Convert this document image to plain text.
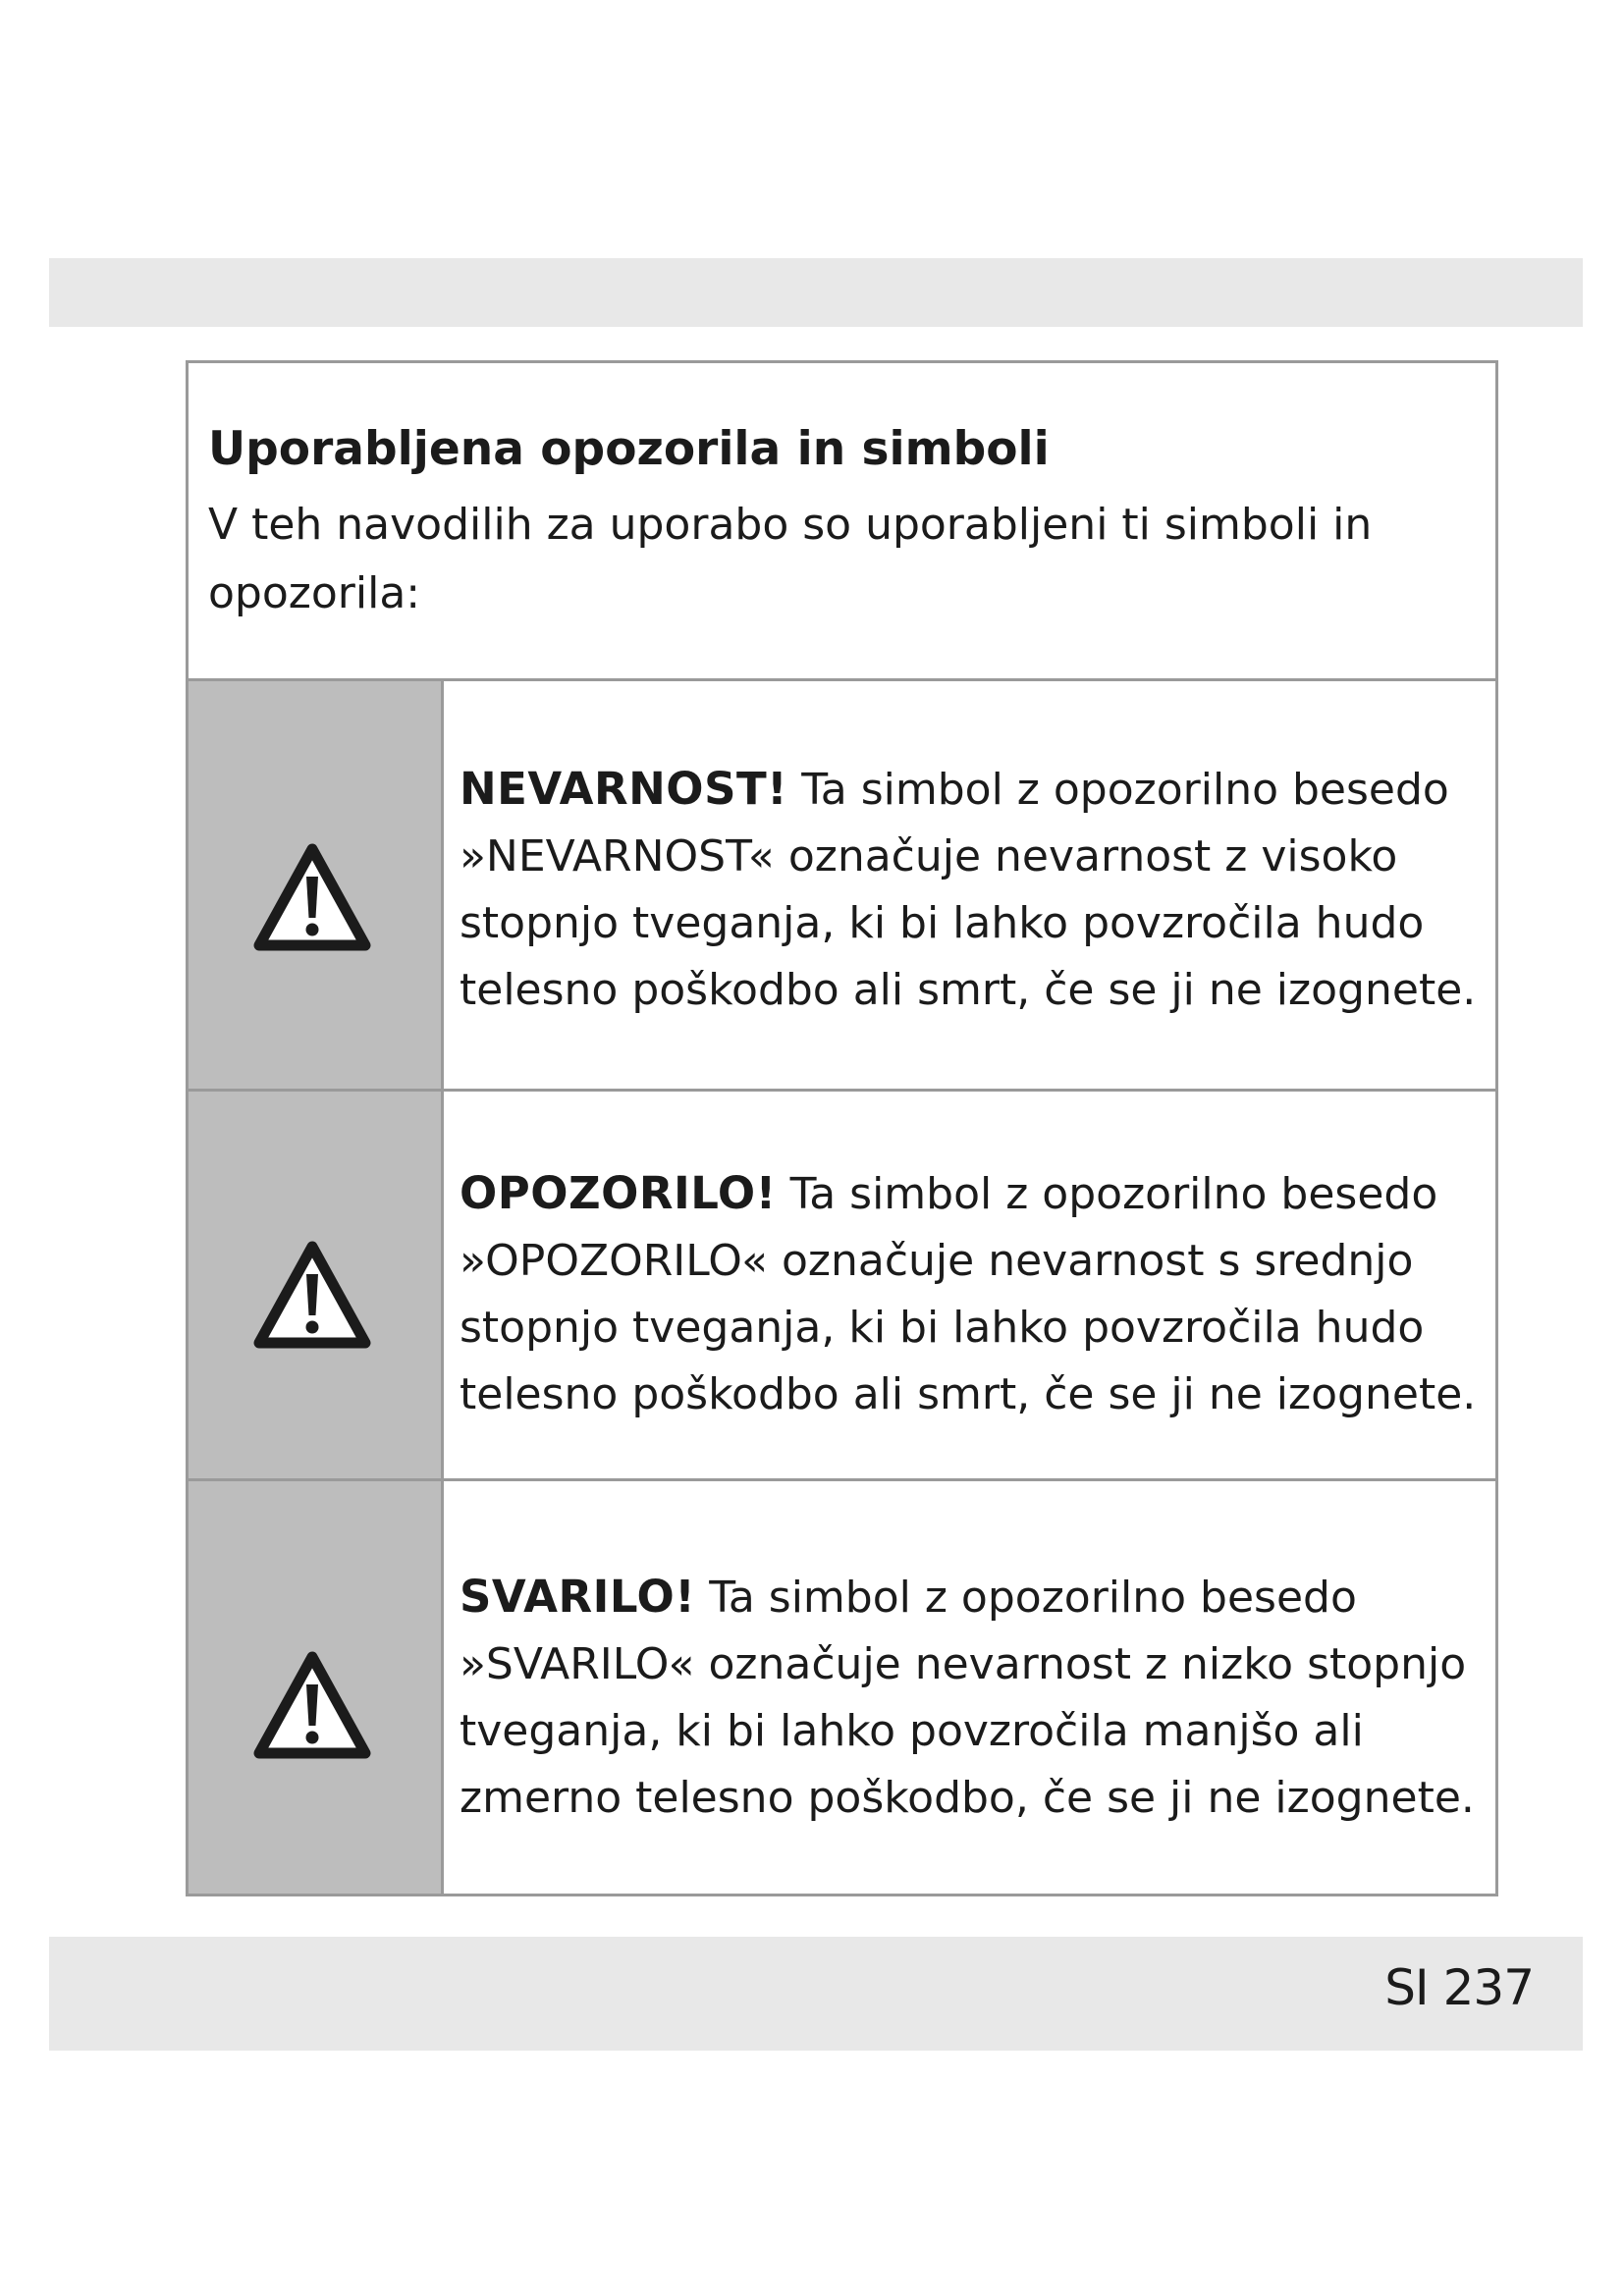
Uporabljena opozorila in simboli
V teh navodilih za uporabo so uporabljeni ti simboli in opozorila:
NEVARNOST! Ta simbol z opozorilno besedo »NEVARNOST« označuje nevarnost z visoko stopnjo tveganja, ki bi lahko povzročila hudo telesno poškodbo ali smrt, če se ji ne izognete.
OPOZORILO! Ta simbol z opozorilno besedo »OPOZORILO« označuje nevarnost s srednjo stopnjo tveganja, ki bi lahko povzročila hudo telesno poškodbo ali smrt, če se ji ne izognete.
SVARILO! Ta simbol z opozorilno besedo »SVARILO« označuje nevarnost z nizko stopnjo tveganja, ki bi lahko povzročila manjšo ali zmerno telesno poškodbo, če se ji ne izognete.
SI 237
